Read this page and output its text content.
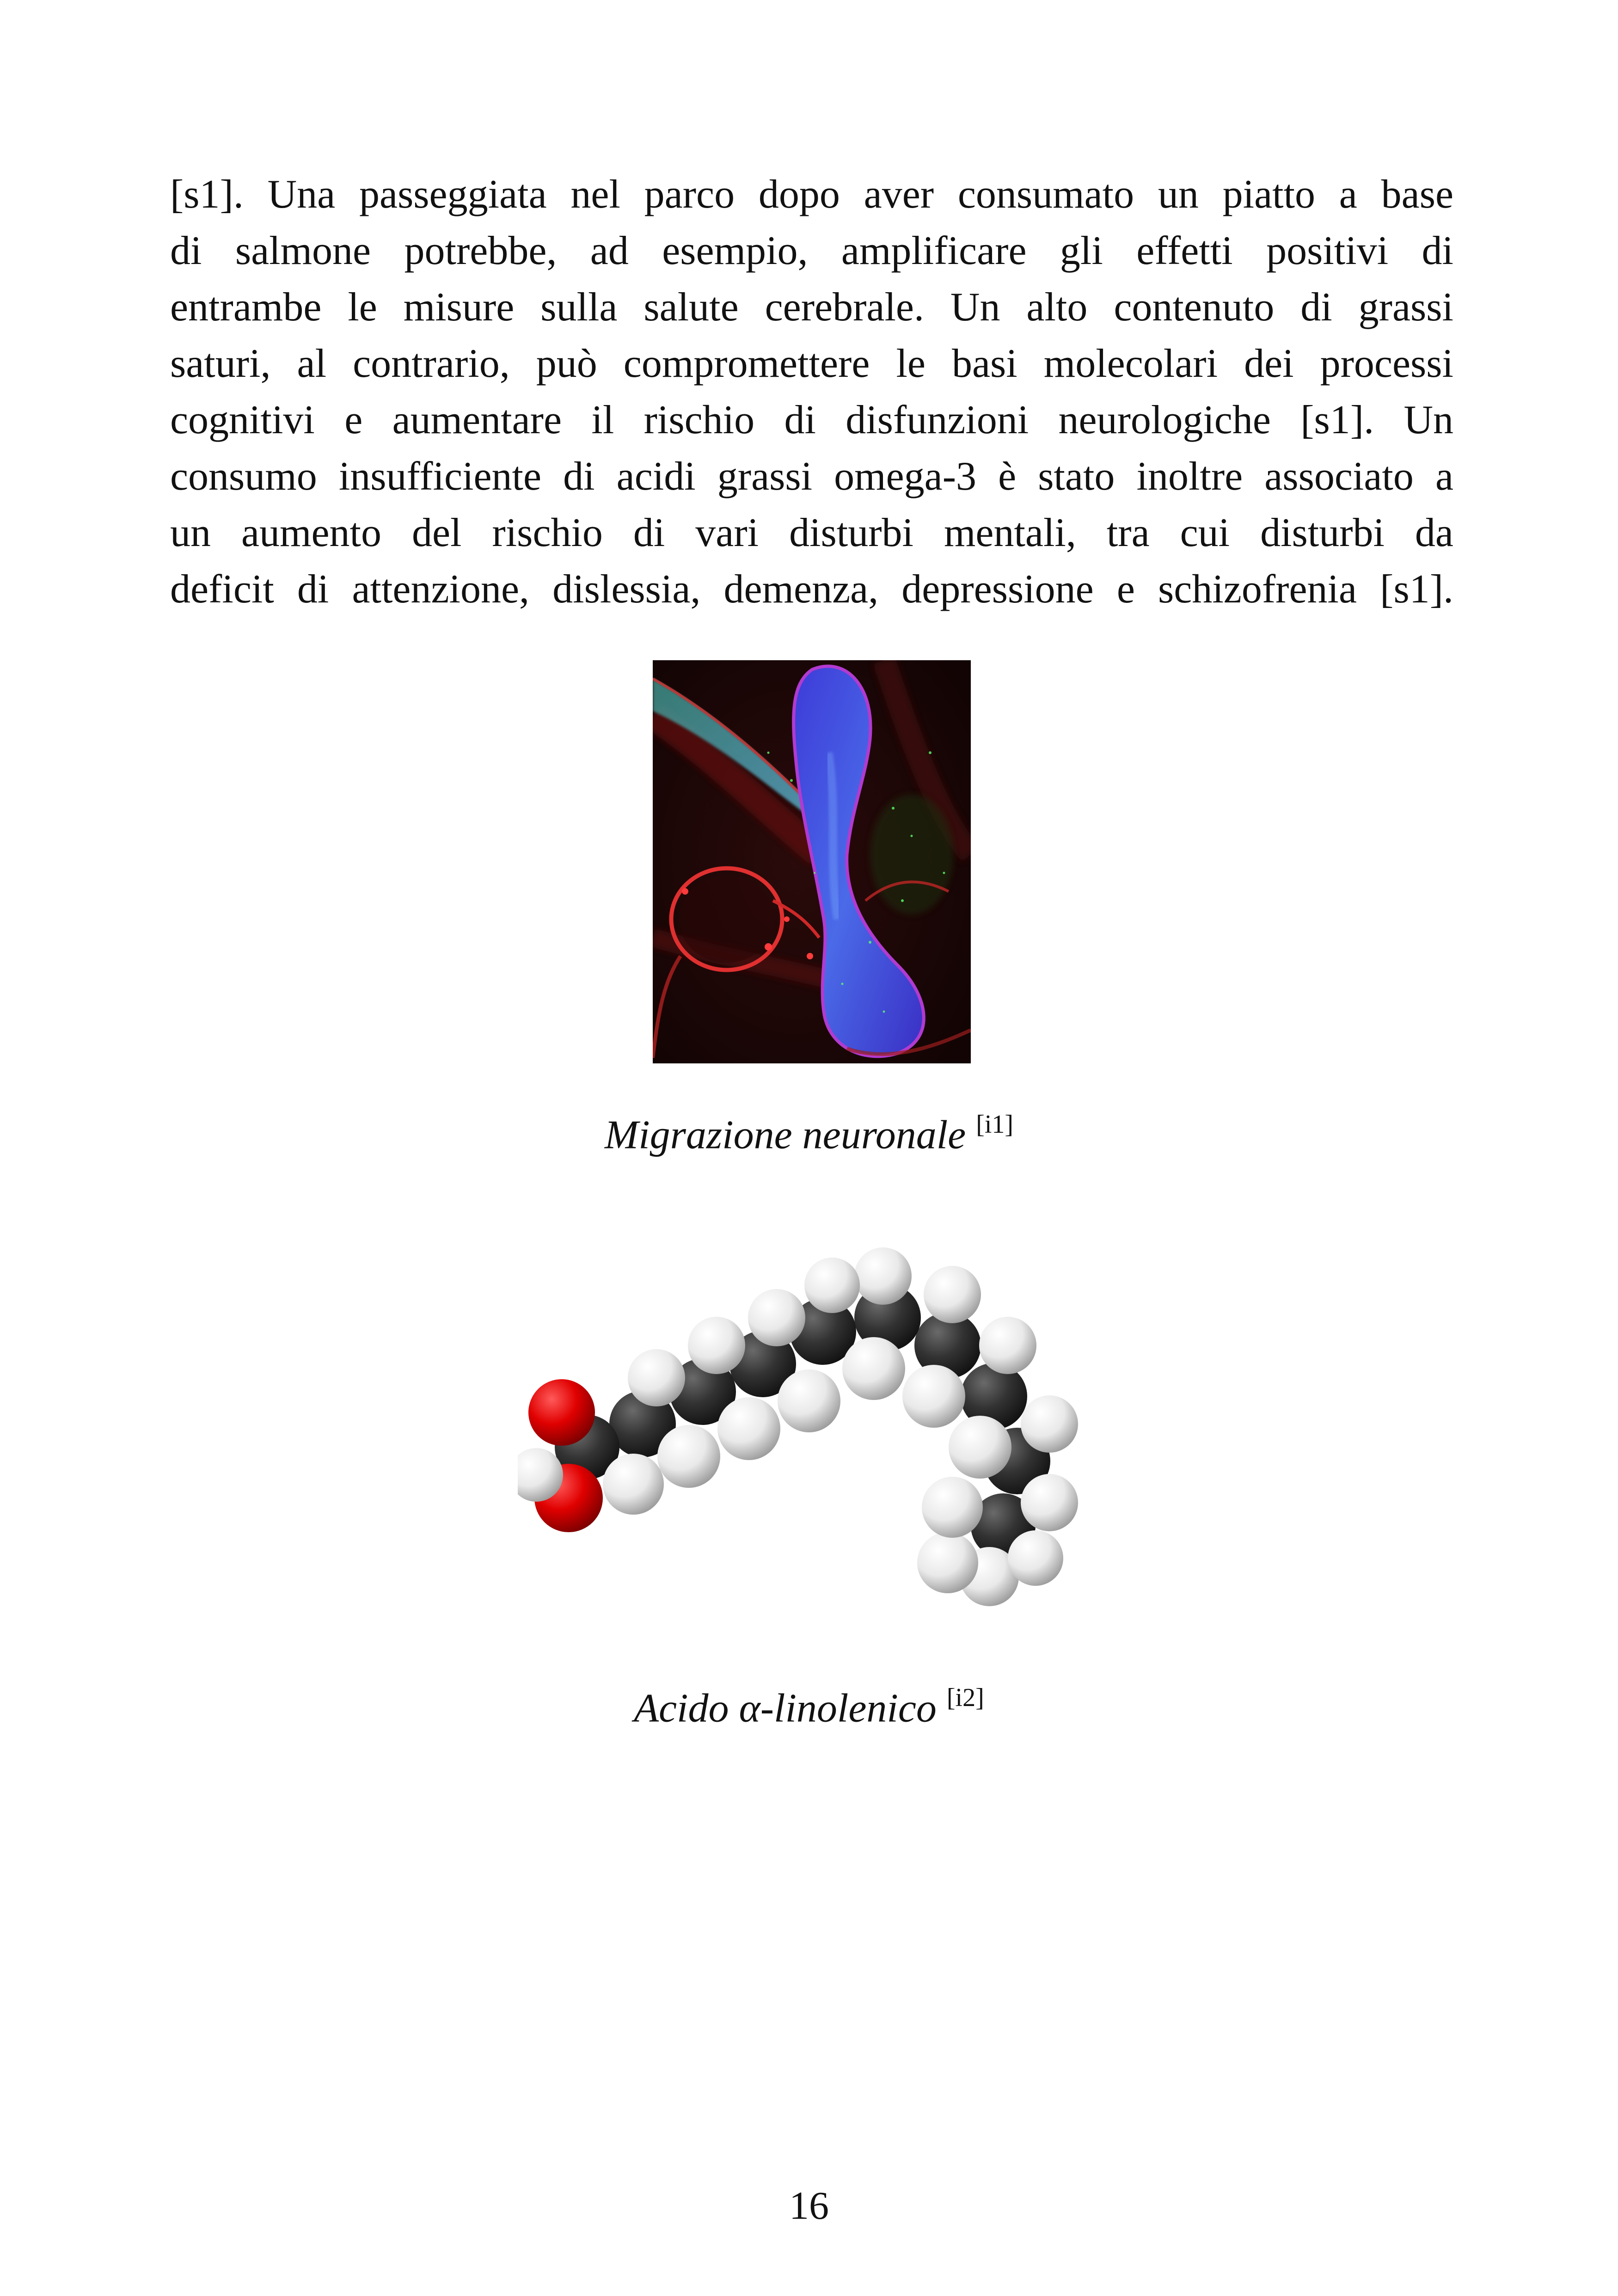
[s1]. Una passeggiata nel parco dopo aver consumato un piatto a base
di salmone potrebbe, ad esempio, amplificare gli effetti positivi di
entrambe le misure sulla salute cerebrale. Un alto contenuto di grassi
saturi, al contrario, può compromettere le basi molecolari dei processi
cognitivi e aumentare il rischio di disfunzioni neurologiche [s1]. Un
consumo insufficiente di acidi grassi omega-3 è stato inoltre associato a
un aumento del rischio di vari disturbi mentali, tra cui disturbi da
deficit di attenzione, dislessia, demenza, depressione e schizofrenia [s1].

Migrazione neuronale [i1]
Acido α-linolenico [i2]
16
